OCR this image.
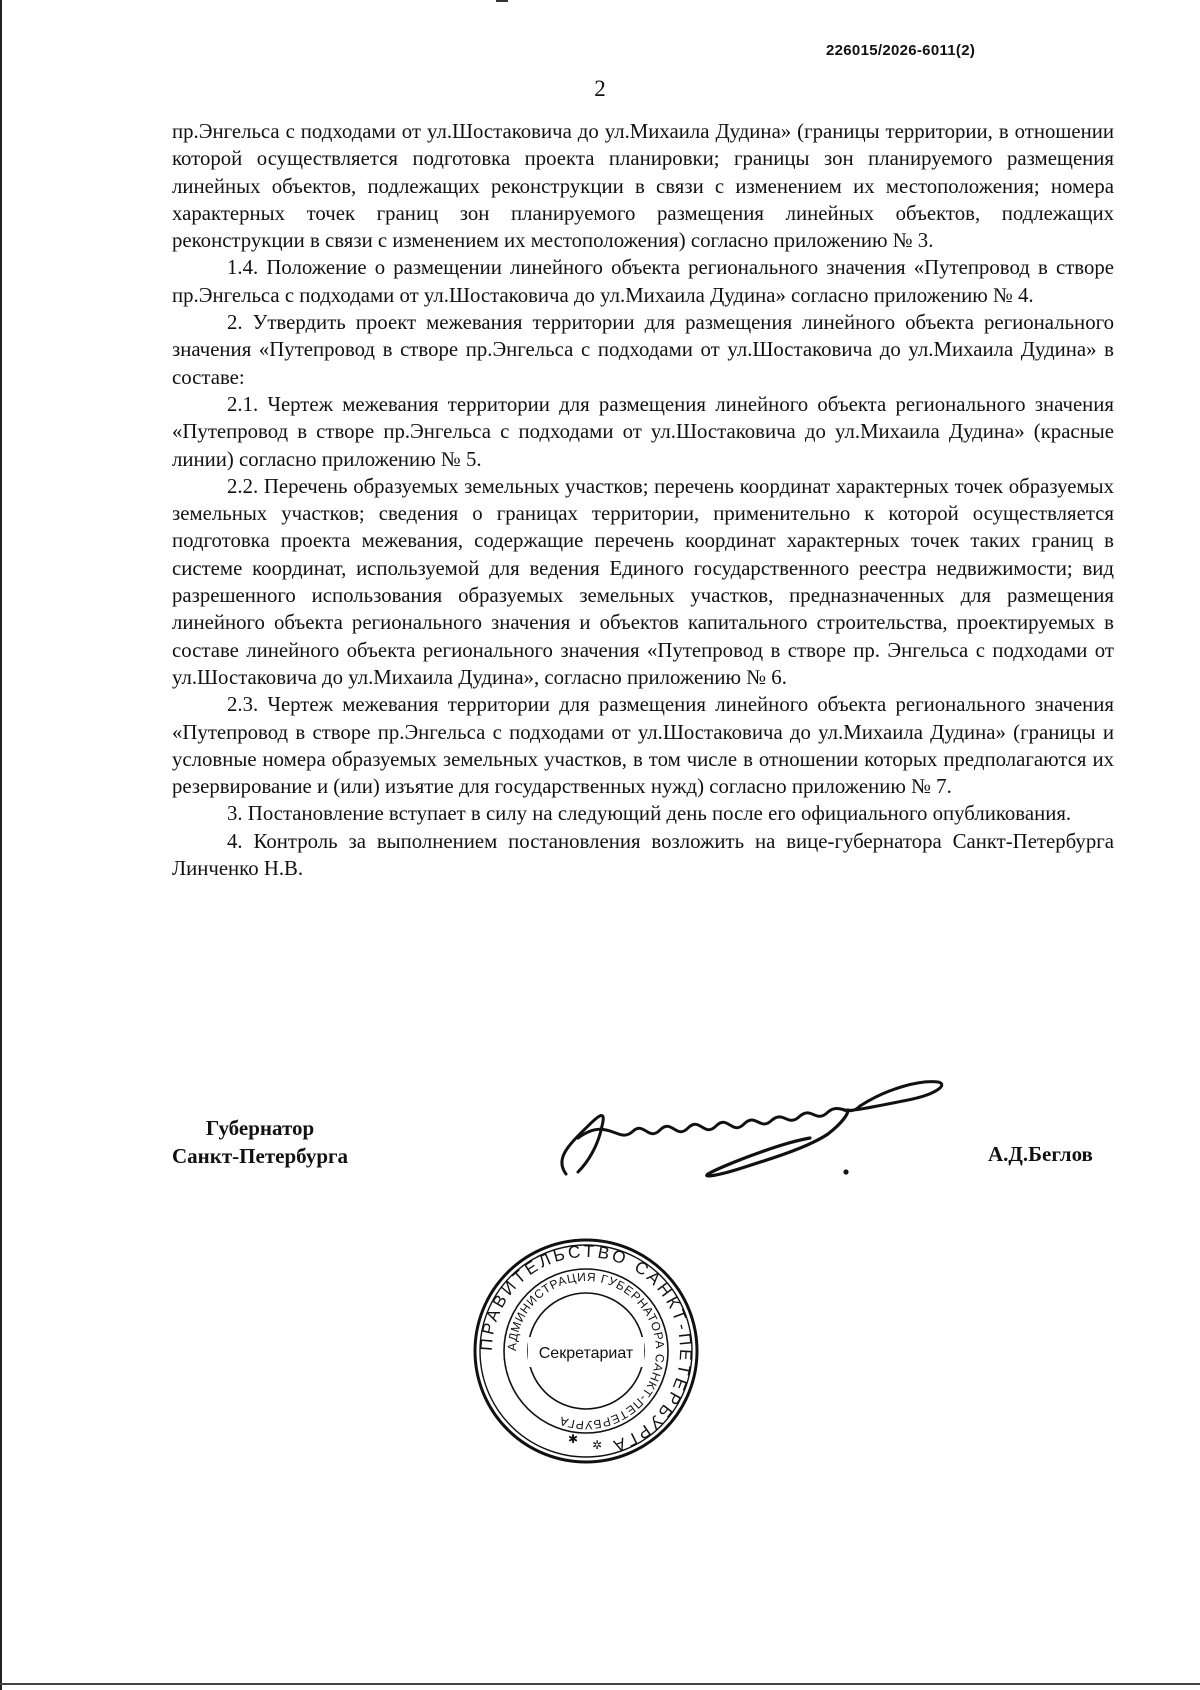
226015/2026-6011(2)
2

пр.Энгельса с подходами от ул.Шостаковича до ул.Михаила Дудина» (границы территории, в отношении которой осуществляется подготовка проекта планировки; границы зон планируемого размещения линейных объектов, подлежащих реконструкции в связи с изменением их местоположения; номера характерных точек границ зон планируемого размещения линейных объектов, подлежащих реконструкции в связи с изменением их местоположения) согласно приложению № 3.

1.4. Положение о размещении линейного объекта регионального значения «Путепровод в створе пр.Энгельса с подходами от ул.Шостаковича до ул.Михаила Дудина» согласно приложению № 4.

2. Утвердить проект межевания территории для размещения линейного объекта регионального значения «Путепровод в створе пр.Энгельса с подходами от ул.Шостаковича до ул.Михаила Дудина» в составе:

2.1. Чертеж межевания территории для размещения линейного объекта регионального значения «Путепровод в створе пр.Энгельса с подходами от ул.Шостаковича до ул.Михаила Дудина» (красные линии) согласно приложению № 5.

2.2. Перечень образуемых земельных участков; перечень координат характерных точек образуемых земельных участков; сведения о границах территории, применительно к которой осуществляется подготовка проекта межевания, содержащие перечень координат характерных точек таких границ в системе координат, используемой для ведения Единого государственного реестра недвижимости; вид разрешенного использования образуемых земельных участков, предназначенных для размещения линейного объекта регионального значения и объектов капитального строительства, проектируемых в составе линейного объекта регионального значения «Путепровод в створе пр. Энгельса с подходами от ул.Шостаковича до ул.Михаила Дудина», согласно приложению № 6.

2.3. Чертеж межевания территории для размещения линейного объекта регионального значения «Путепровод в створе пр.Энгельса с подходами от ул.Шостаковича до ул.Михаила Дудина» (границы и условные номера образуемых земельных участков, в том числе в отношении которых предполагаются их резервирование и (или) изъятие для государственных нужд) согласно приложению № 7.

3. Постановление вступает в силу на следующий день после его официального опубликования.

4. Контроль за выполнением постановления возложить на вице-губернатора Санкт-Петербурга Линченко Н.В.

Губернатор
Санкт-Петербурга	А.Д.Беглов
ПРАВИТЕЛЬСТВО САНКТ-ПЕТЕРБУРГА
АДМИНИСТРАЦИЯ ГУБЕРНАТОРА САНКТ-ПЕТЕРБУРГА
Секретариат
✱ ✲
